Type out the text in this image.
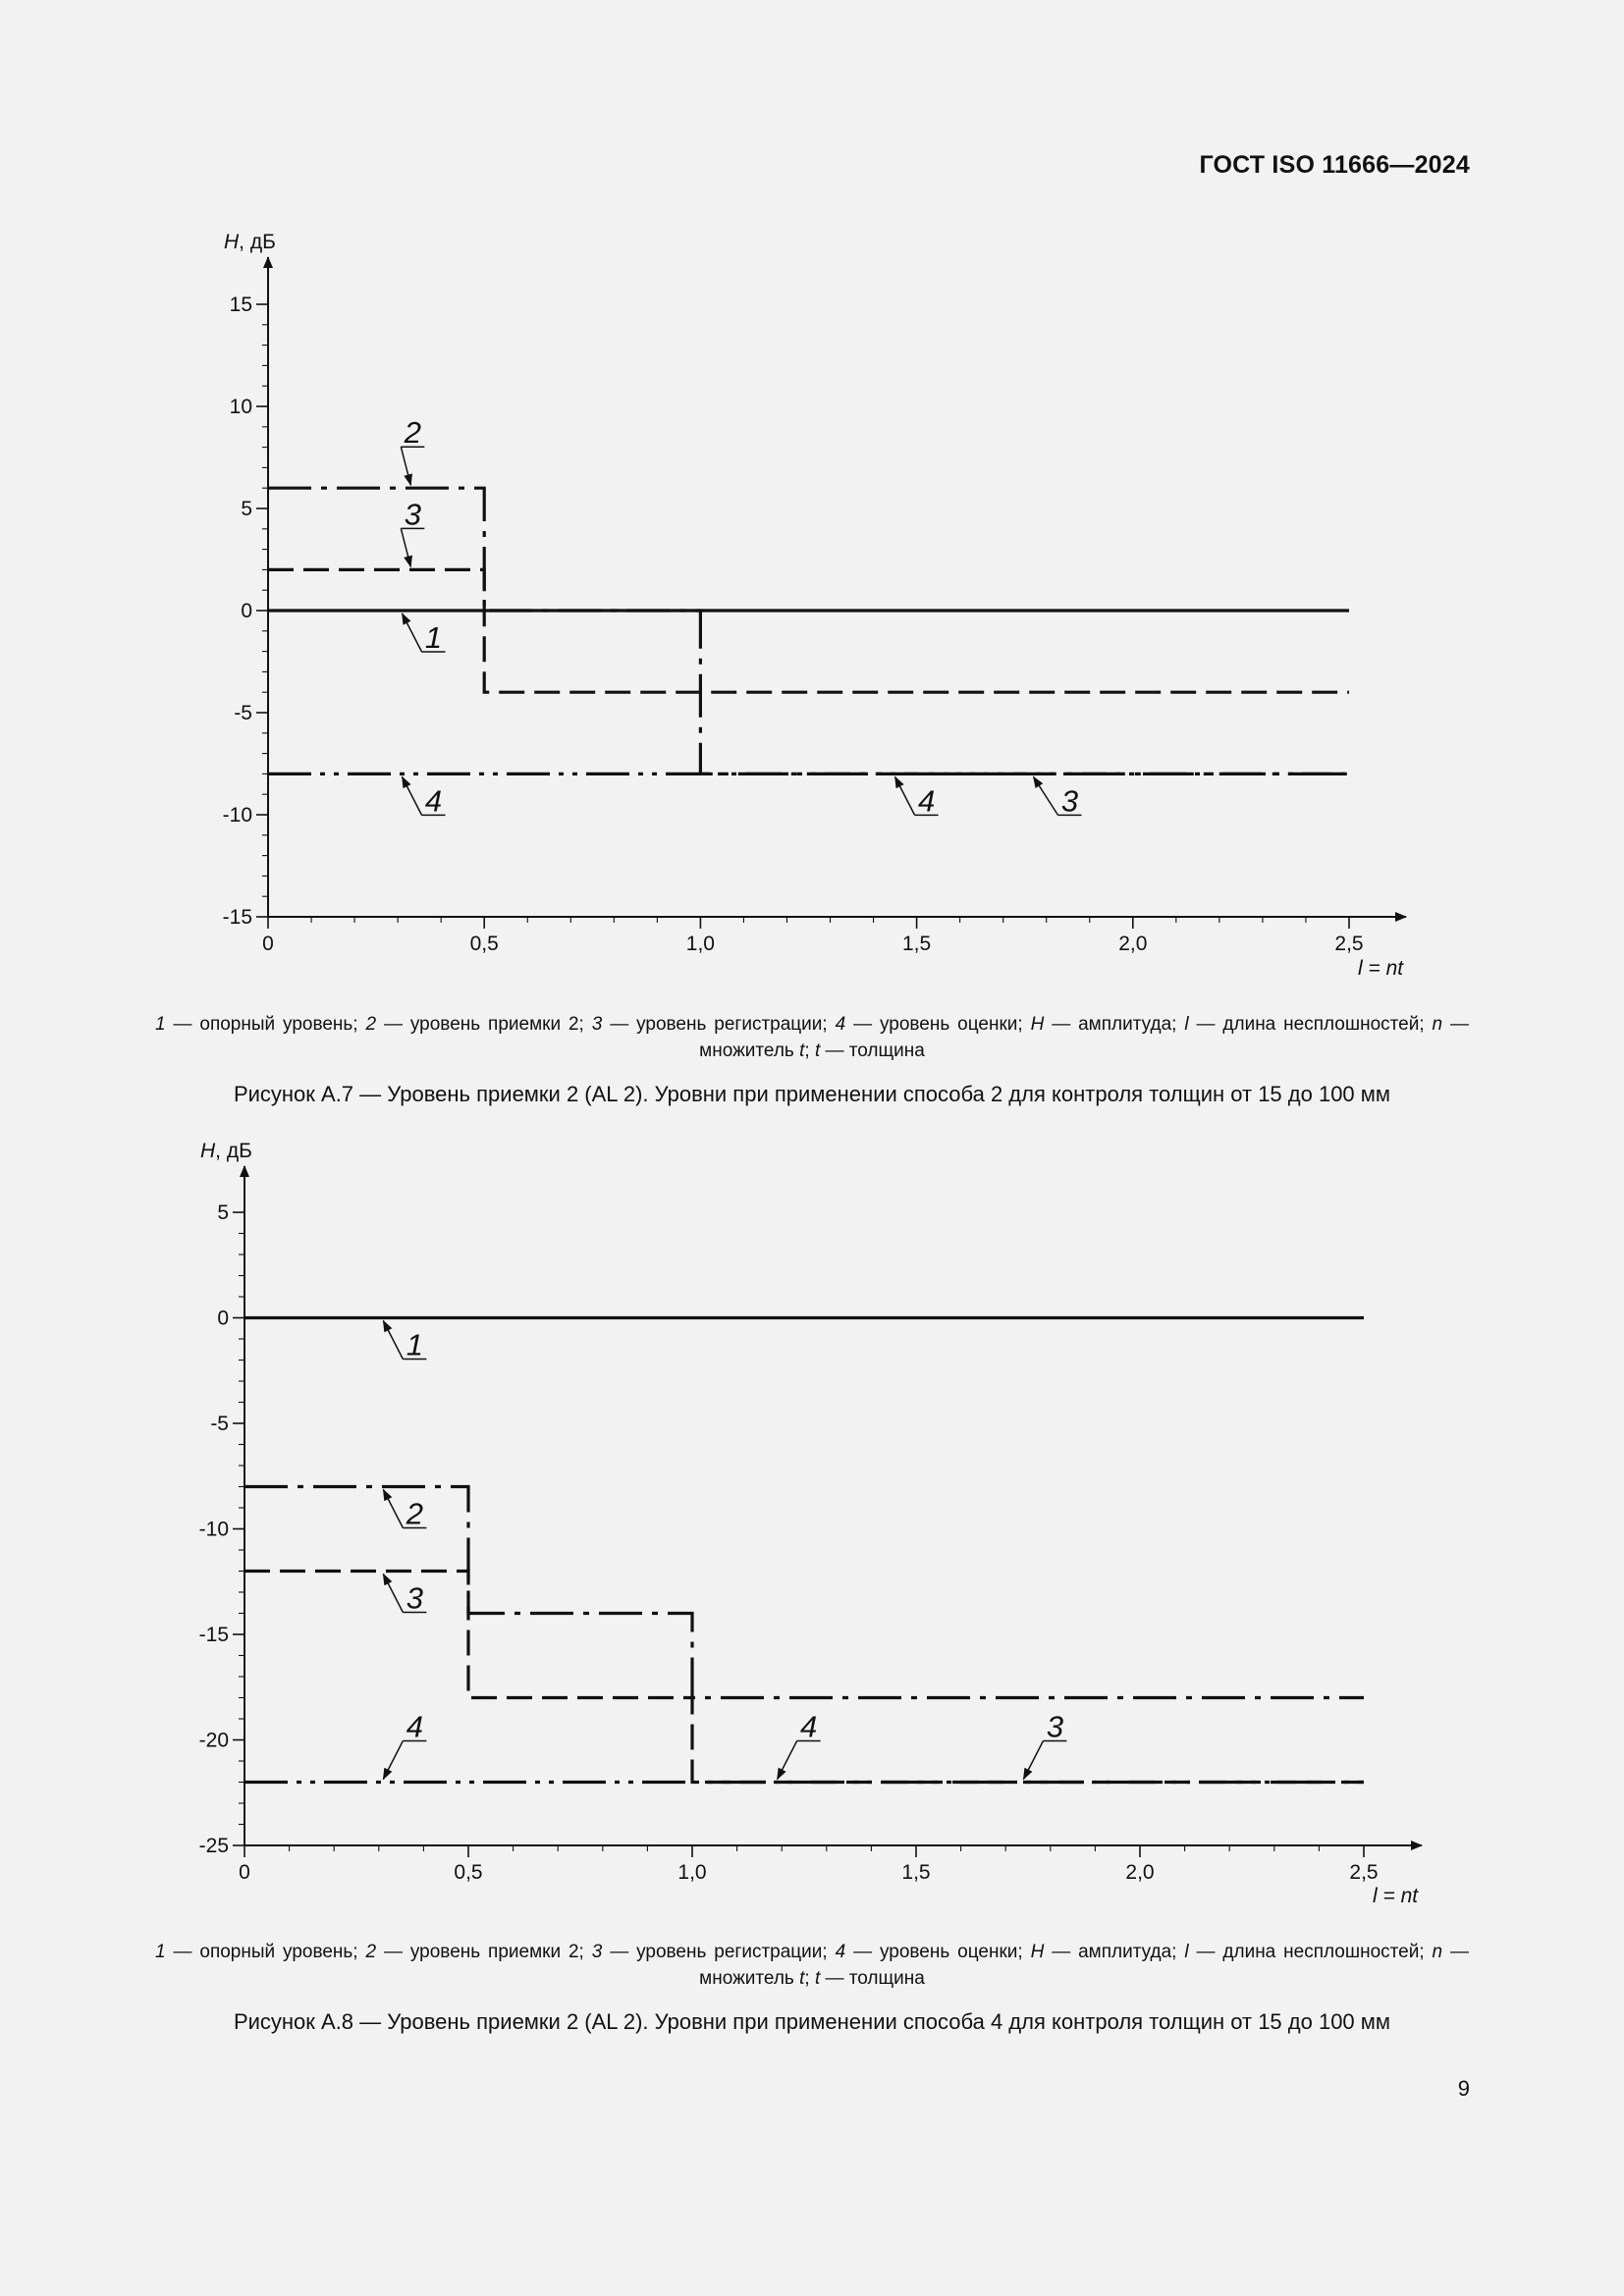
ГОСТ ISO 11666—2024
15
10
5
0
-5
-10
-15
0	0,5	1,0	1,5	2,0	2,5
H, дБ
l = nt
2
3
1
4	4	3
1 — опорный уровень; 2 — уровень приемки 2; 3 — уровень регистрации; 4 — уровень оценки; H — амплитуда; l — длина несплошностей; n — множитель t; t — толщина
Рисунок А.7 — Уровень приемки 2 (AL 2). Уровни при применении способа 2 для контроля толщин от 15 до 100 мм
5
0
-5
-10
-15
-20
-25
0	0,5	1,0	1,5	2,0	2,5
H, дБ
l = nt
1
2
3
4	4	3
1 — опорный уровень; 2 — уровень приемки 2; 3 — уровень регистрации; 4 — уровень оценки; H — амплитуда; l — длина несплошностей; n — множитель t; t — толщина
Рисунок А.8 — Уровень приемки 2 (AL 2). Уровни при применении способа 4 для контроля толщин от 15 до 100 мм
9
